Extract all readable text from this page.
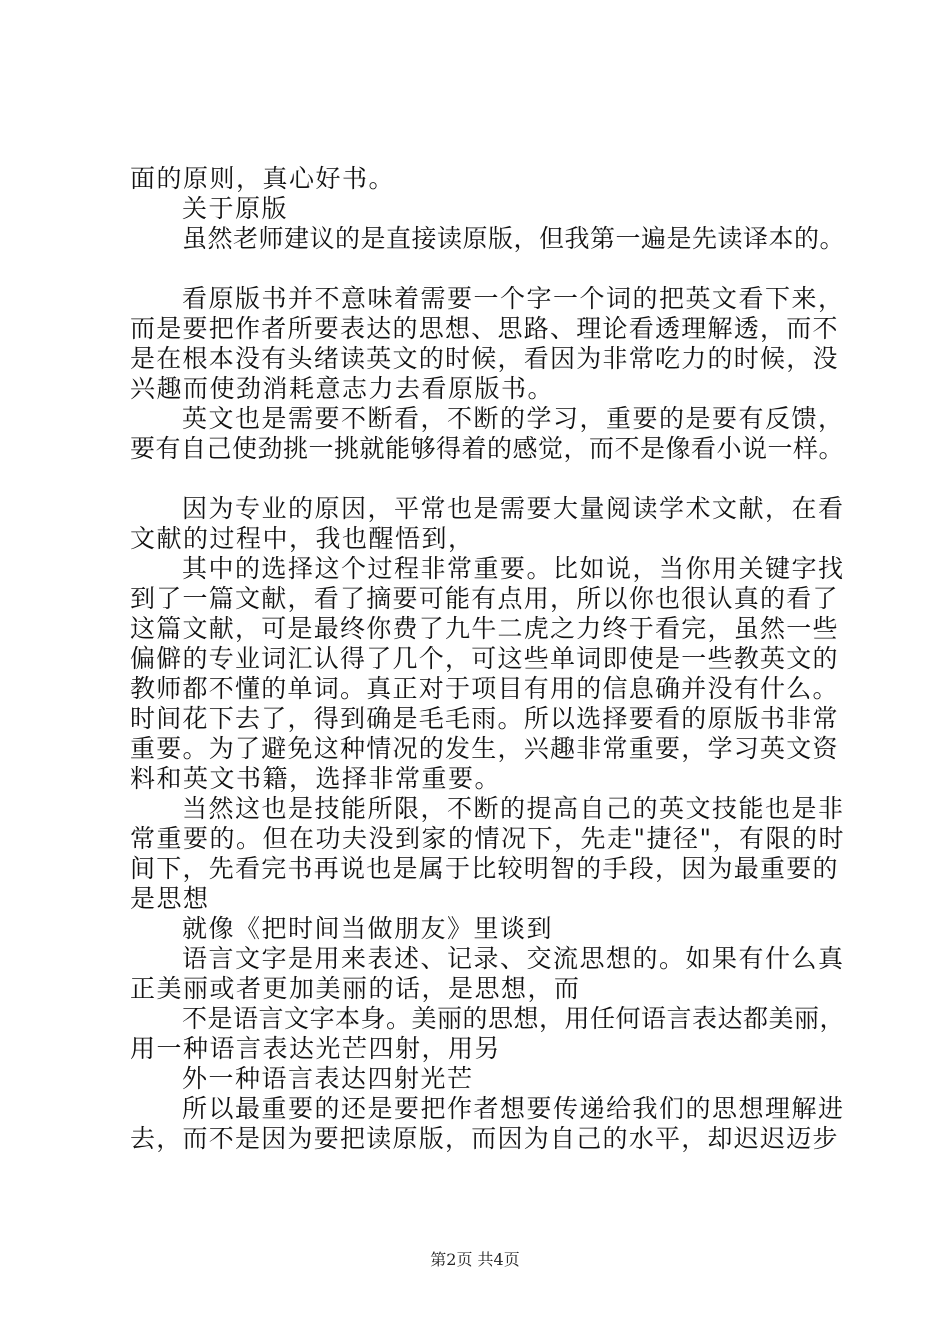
面的原则，真心好书。
关于原版
虽然老师建议的是直接读原版，但我第一遍是先读译本的。
看原版书并不意味着需要一个字一个词的把英文看下来，
而是要把作者所要表达的思想、思路、理论看透理解透，而不
是在根本没有头绪读英文的时候，看因为非常吃力的时候，没
兴趣而使劲消耗意志力去看原版书。
英文也是需要不断看，不断的学习，重要的是要有反馈，
要有自己使劲挑一挑就能够得着的感觉，而不是像看小说一样。
因为专业的原因，平常也是需要大量阅读学术文献，在看
文献的过程中，我也醒悟到，
其中的选择这个过程非常重要。比如说，当你用关键字找
到了一篇文献，看了摘要可能有点用，所以你也很认真的看了
这篇文献，可是最终你费了九牛二虎之力终于看完，虽然一些
偏僻的专业词汇认得了几个，可这些单词即使是一些教英文的
教师都不懂的单词。真正对于项目有用的信息确并没有什么。
时间花下去了，得到确是毛毛雨。所以选择要看的原版书非常
重要。为了避免这种情况的发生，兴趣非常重要，学习英文资
料和英文书籍，选择非常重要。
当然这也是技能所限，不断的提高自己的英文技能也是非
常重要的。但在功夫没到家的情况下，先走"捷径"，有限的时
间下，先看完书再说也是属于比较明智的手段，因为最重要的
是思想
就像《把时间当做朋友》里谈到
语言文字是用来表述、记录、交流思想的。如果有什么真
正美丽或者更加美丽的话，是思想，而
不是语言文字本身。美丽的思想，用任何语言表达都美丽，
用一种语言表达光芒四射，用另
外一种语言表达四射光芒
所以最重要的还是要把作者想要传递给我们的思想理解进
去，而不是因为要把读原版，而因为自己的水平，却迟迟迈步
第2页 共4页
